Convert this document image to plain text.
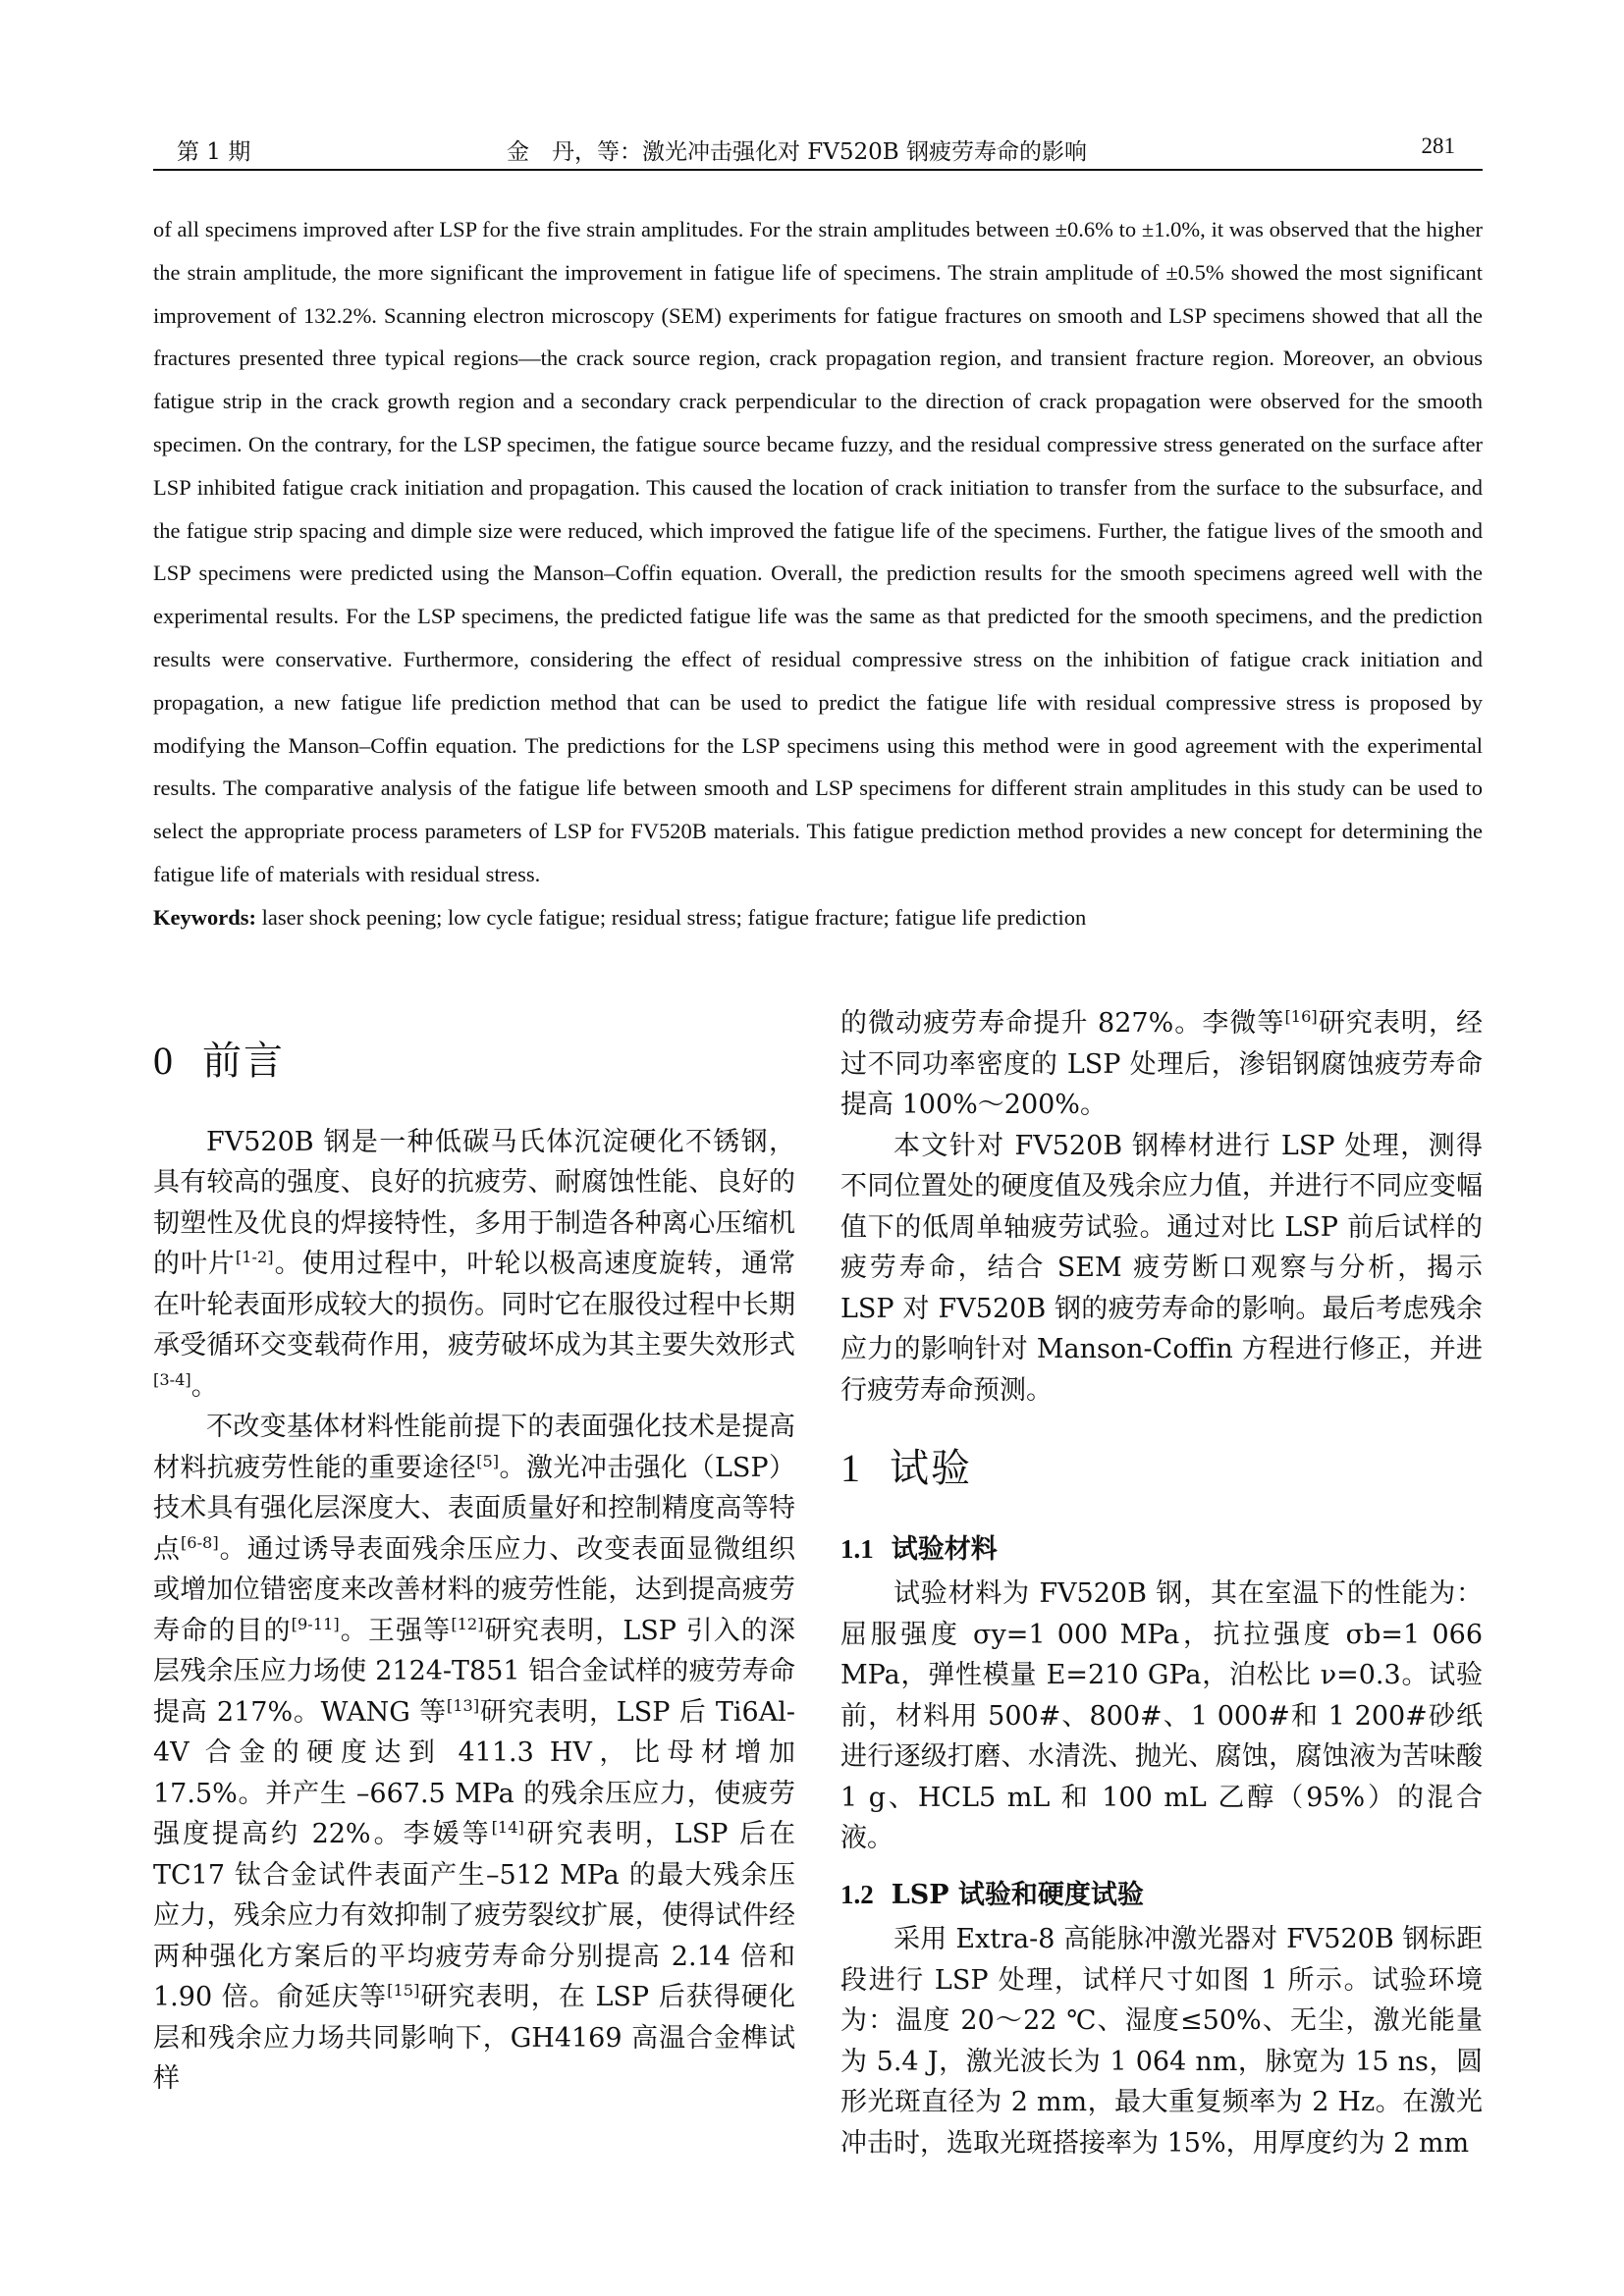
第 1 期	金　丹，等：激光冲击强化对 FV520B 钢疲劳寿命的影响	281

of all specimens improved after LSP for the five strain amplitudes. For the strain amplitudes between ±0.6% to ±1.0%, it was observed that the higher the strain amplitude, the more significant the improvement in fatigue life of specimens. The strain amplitude of ±0.5% showed the most significant improvement of 132.2%. Scanning electron microscopy (SEM) experiments for fatigue fractures on smooth and LSP specimens showed that all the fractures presented three typical regions—the crack source region, crack propagation region, and transient fracture region. Moreover, an obvious fatigue strip in the crack growth region and a secondary crack perpendicular to the direction of crack propagation were observed for the smooth specimen. On the contrary, for the LSP specimen, the fatigue source became fuzzy, and the residual compressive stress generated on the surface after LSP inhibited fatigue crack initiation and propagation. This caused the location of crack initiation to transfer from the surface to the subsurface, and the fatigue strip spacing and dimple size were reduced, which improved the fatigue life of the specimens. Further, the fatigue lives of the smooth and LSP specimens were predicted using the Manson–Coffin equation. Overall, the prediction results for the smooth specimens agreed well with the experimental results. For the LSP specimens, the predicted fatigue life was the same as that predicted for the smooth specimens, and the prediction results were conservative. Furthermore, considering the effect of residual compressive stress on the inhibition of fatigue crack initiation and propagation, a new fatigue life prediction method that can be used to predict the fatigue life with residual compressive stress is proposed by modifying the Manson–Coffin equation. The predictions for the LSP specimens using this method were in good agreement with the experimental results. The comparative analysis of the fatigue life between smooth and LSP specimens for different strain amplitudes in this study can be used to select the appropriate process parameters of LSP for FV520B materials. This fatigue prediction method provides a new concept for determining the fatigue life of materials with residual stress.

Keywords: laser shock peening; low cycle fatigue; residual stress; fatigue fracture; fatigue life prediction

0 前言

FV520B 钢是一种低碳马氏体沉淀硬化不锈钢，具有较高的强度、良好的抗疲劳、耐腐蚀性能、良好的韧塑性及优良的焊接特性，多用于制造各种离心压缩机的叶片[1-2]。使用过程中，叶轮以极高速度旋转，通常在叶轮表面形成较大的损伤。同时它在服役过程中长期承受循环交变载荷作用，疲劳破坏成为其主要失效形式[3-4]。

不改变基体材料性能前提下的表面强化技术是提高材料抗疲劳性能的重要途径[5]。激光冲击强化（LSP）技术具有强化层深度大、表面质量好和控制精度高等特点[6-8]。通过诱导表面残余压应力、改变表面显微组织或增加位错密度来改善材料的疲劳性能，达到提高疲劳寿命的目的[9-11]。王强等[12]研究表明，LSP 引入的深层残余压应力场使 2124-T851 铝合金试样的疲劳寿命提高 217%。WANG 等[13]研究表明，LSP 后 Ti6Al-4V 合金的硬度达到 411.3 HV，比母材增加 17.5%。并产生 –667.5 MPa 的残余压应力，使疲劳强度提高约 22%。李媛等[14]研究表明，LSP 后在 TC17 钛合金试件表面产生–512 MPa 的最大残余压应力，残余应力有效抑制了疲劳裂纹扩展，使得试件经两种强化方案后的平均疲劳寿命分别提高 2.14 倍和 1.90 倍。俞延庆等[15]研究表明，在 LSP 后获得硬化层和残余应力场共同影响下，GH4169 高温合金榫试样

的微动疲劳寿命提升 827%。李微等[16]研究表明，经过不同功率密度的 LSP 处理后，渗铝钢腐蚀疲劳寿命提高 100%～200%。

本文针对 FV520B 钢棒材进行 LSP 处理，测得不同位置处的硬度值及残余应力值，并进行不同应变幅值下的低周单轴疲劳试验。通过对比 LSP 前后试样的疲劳寿命，结合 SEM 疲劳断口观察与分析，揭示 LSP 对 FV520B 钢的疲劳寿命的影响。最后考虑残余应力的影响针对 Manson-Coffin 方程进行修正，并进行疲劳寿命预测。

1 试验
1.1 试验材料

试验材料为 FV520B 钢，其在室温下的性能为：屈服强度 σy=1 000 MPa，抗拉强度 σb=1 066 MPa，弹性模量 E=210 GPa，泊松比 ν=0.3。试验前，材料用 500#、800#、1 000#和 1 200#砂纸进行逐级打磨、水清洗、抛光、腐蚀，腐蚀液为苦味酸 1 g、HCL5 mL 和 100 mL 乙醇（95%）的混合液。

1.2 LSP 试验和硬度试验

采用 Extra-8 高能脉冲激光器对 FV520B 钢标距段进行 LSP 处理，试样尺寸如图 1 所示。试验环境为：温度 20～22 ℃、湿度≤50%、无尘，激光能量为 5.4 J，激光波长为 1 064 nm，脉宽为 15 ns，圆形光斑直径为 2 mm，最大重复频率为 2 Hz。在激光冲击时，选取光斑搭接率为 15%，用厚度约为 2 mm
